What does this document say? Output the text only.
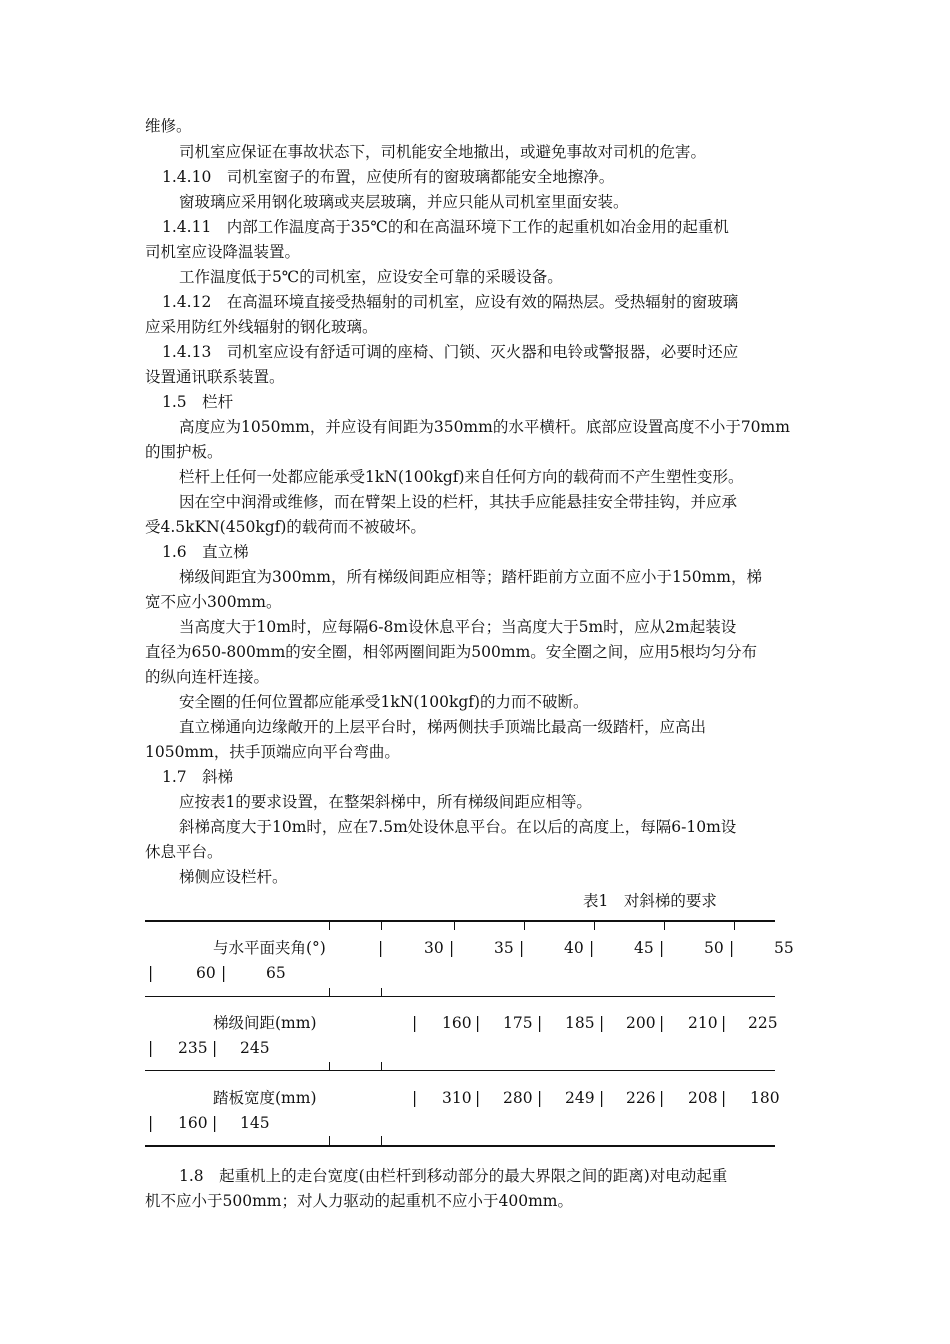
维修。
司机室应保证在事故状态下，司机能安全地撤出，或避免事故对司机的危害。
1.4.10　司机室窗子的布置，应使所有的窗玻璃都能安全地擦净。
窗玻璃应采用钢化玻璃或夹层玻璃，并应只能从司机室里面安装。
1.4.11　内部工作温度高于35℃的和在高温环境下工作的起重机如冶金用的起重机
司机室应设降温装置。
工作温度低于5℃的司机室，应设安全可靠的采暖设备。
1.4.12　在高温环境直接受热辐射的司机室，应设有效的隔热层。受热辐射的窗玻璃
应采用防红外线辐射的钢化玻璃。
1.4.13　司机室应设有舒适可调的座椅、门锁、灭火器和电铃或警报器，必要时还应
设置通讯联系装置。
1.5　栏杆
高度应为1050mm，并应设有间距为350mm的水平横杆。底部应设置高度不小于70mm
的围护板。
栏杆上任何一处都应能承受1kN(100kgf)来自任何方向的载荷而不产生塑性变形。
因在空中润滑或维修，而在臂架上设的栏杆，其扶手应能悬挂安全带挂钩，并应承
受4.5kKN(450kgf)的载荷而不被破坏。
1.6　直立梯
梯级间距宜为300mm，所有梯级间距应相等；踏杆距前方立面不应小于150mm，梯
宽不应小300mm。
当高度大于10m时，应每隔6-8m设休息平台；当高度大于5m时，应从2m起装设
直径为650-800mm的安全圈，相邻两圈间距为500mm。安全圈之间，应用5根均匀分布
的纵向连杆连接。
安全圈的任何位置都应能承受1kN(100kgf)的力而不破断。
直立梯通向边缘敞开的上层平台时，梯两侧扶手顶端比最高一级踏杆，应高出
1050mm，扶手顶端应向平台弯曲。
1.7　斜梯
应按表1的要求设置，在整架斜梯中，所有梯级间距应相等。
斜梯高度大于10m时，应在7.5m处设休息平台。在以后的高度上，每隔6-10m设
休息平台。
梯侧应设栏杆。
表1　对斜梯的要求
与水平面夹角(°)	|	30 |	35 |	40 |	45 |	50 |	55
|	60 |	65
梯级间距(mm)	| 160 | 175 | 185 | 200 | 210 | 225
| 235 | 245
踏板宽度(mm)	| 310 | 280 | 249 | 226 | 208 | 180
| 160 | 145
1.8　起重机上的走台宽度(由栏杆到移动部分的最大界限之间的距离)对电动起重
机不应小于500mm；对人力驱动的起重机不应小于400mm。
